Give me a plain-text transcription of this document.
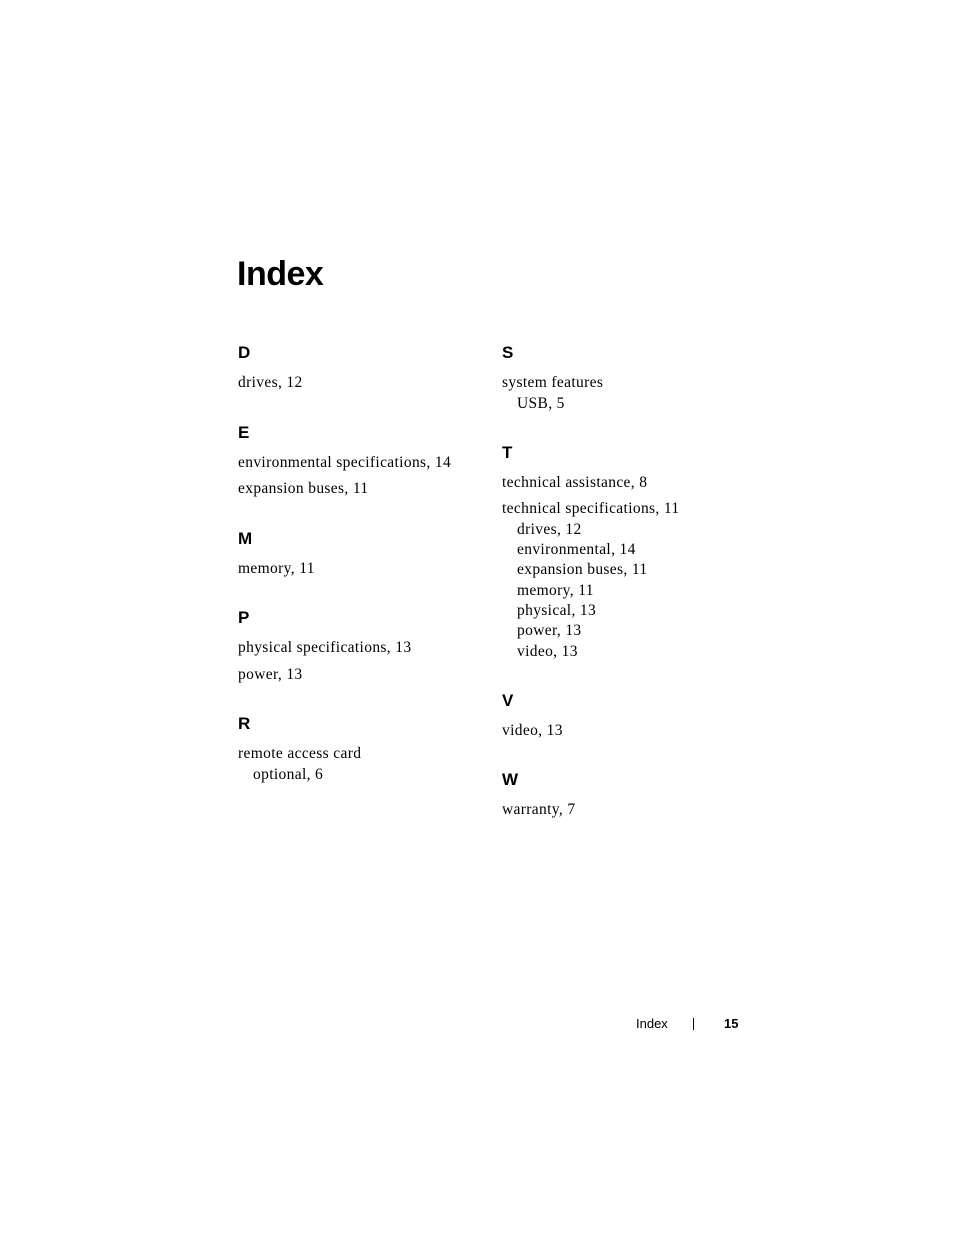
Index
D
drives, 12
E
environmental specifications, 14
expansion buses, 11
M
memory, 11
P
physical specifications, 13
power, 13
R
remote access card
optional, 6
S
system features
USB, 5
T
technical assistance, 8
technical specifications, 11
drives, 12
environmental, 14
expansion buses, 11
memory, 11
physical, 13
power, 13
video, 13
V
video, 13
W
warranty, 7
Index	15
